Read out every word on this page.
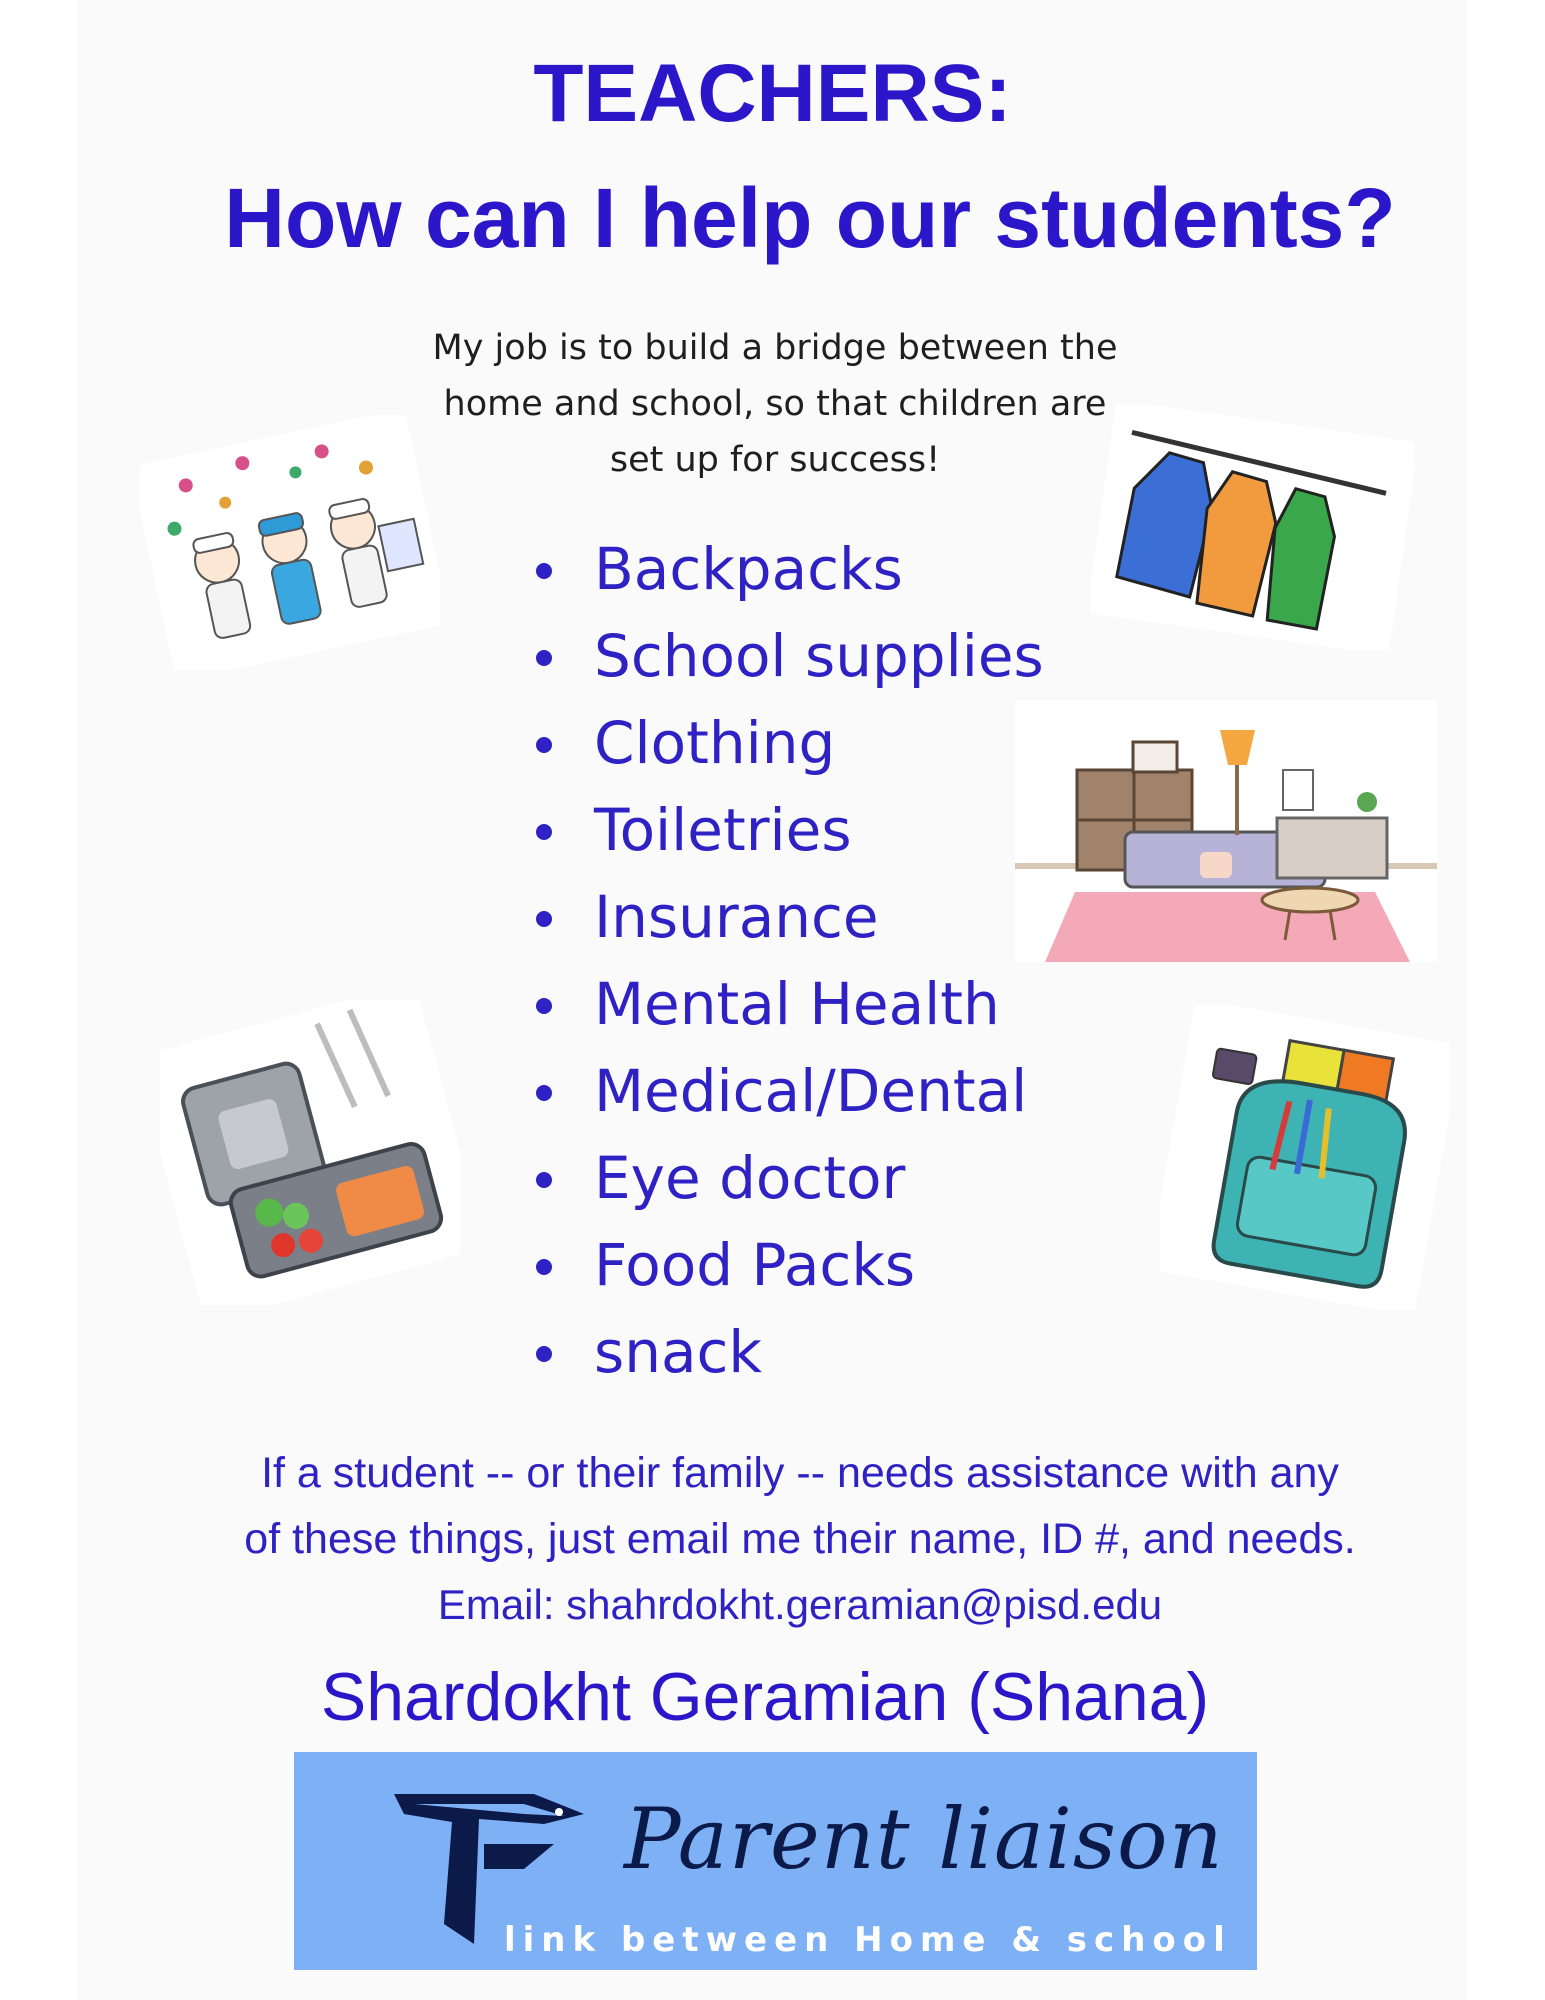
TEACHERS:
How can I help our students?
My job is to build a bridge between the
home and school, so that children are
set up for success!
Backpacks
School supplies
Clothing
Toiletries
Insurance
Mental Health
Medical/Dental
Eye doctor
Food Packs
snack
If a student -- or their family -- needs assistance with any
of these things, just email me their name, ID #, and needs.
Email: shahrdokht.geramian@pisd.edu
Shardokht Geramian (Shana)
Parent liaison
link between Home & school
